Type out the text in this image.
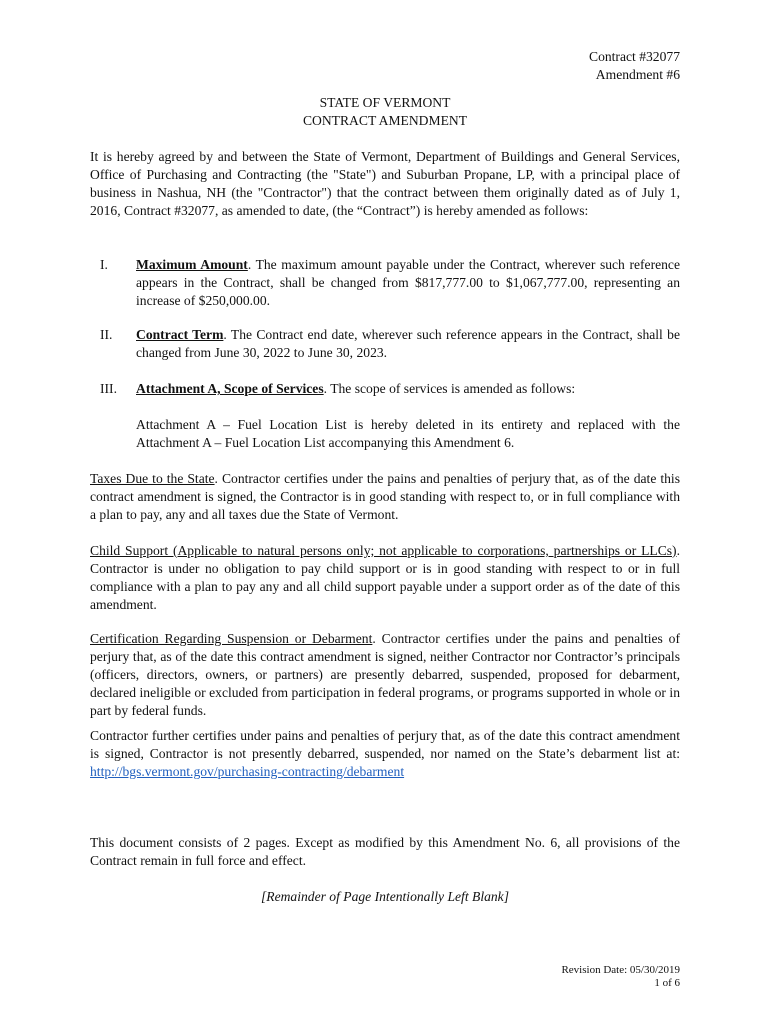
Contract #32077
Amendment #6
STATE OF VERMONT
CONTRACT AMENDMENT

It is hereby agreed by and between the State of Vermont, Department of Buildings and General Services, Office of Purchasing and Contracting (the "State") and Suburban Propane, LP, with a principal place of business in Nashua, NH (the "Contractor") that the contract between them originally dated as of July 1, 2016, Contract #32077, as amended to date, (the “Contract”) is hereby amended as follows:

I. Maximum Amount. The maximum amount payable under the Contract, wherever such reference appears in the Contract, shall be changed from $817,777.00 to $1,067,777.00, representing an increase of $250,000.00.
II. Contract Term. The Contract end date, wherever such reference appears in the Contract, shall be changed from June 30, 2022 to June 30, 2023.
III. Attachment A, Scope of Services. The scope of services is amended as follows:
Attachment A – Fuel Location List is hereby deleted in its entirety and replaced with the Attachment A – Fuel Location List accompanying this Amendment 6.

Taxes Due to the State. Contractor certifies under the pains and penalties of perjury that, as of the date this contract amendment is signed, the Contractor is in good standing with respect to, or in full compliance with a plan to pay, any and all taxes due the State of Vermont.

Child Support (Applicable to natural persons only; not applicable to corporations, partnerships or LLCs). Contractor is under no obligation to pay child support or is in good standing with respect to or in full compliance with a plan to pay any and all child support payable under a support order as of the date of this amendment.

Certification Regarding Suspension or Debarment. Contractor certifies under the pains and penalties of perjury that, as of the date this contract amendment is signed, neither Contractor nor Contractor’s principals (officers, directors, owners, or partners) are presently debarred, suspended, proposed for debarment, declared ineligible or excluded from participation in federal programs, or programs supported in whole or in part by federal funds.

Contractor further certifies under pains and penalties of perjury that, as of the date this contract amendment is signed, Contractor is not presently debarred, suspended, nor named on the State’s debarment list at: http://bgs.vermont.gov/purchasing-contracting/debarment

This document consists of 2 pages. Except as modified by this Amendment No. 6, all provisions of the Contract remain in full force and effect.

[Remainder of Page Intentionally Left Blank]
Revision Date: 05/30/2019
1 of 6
